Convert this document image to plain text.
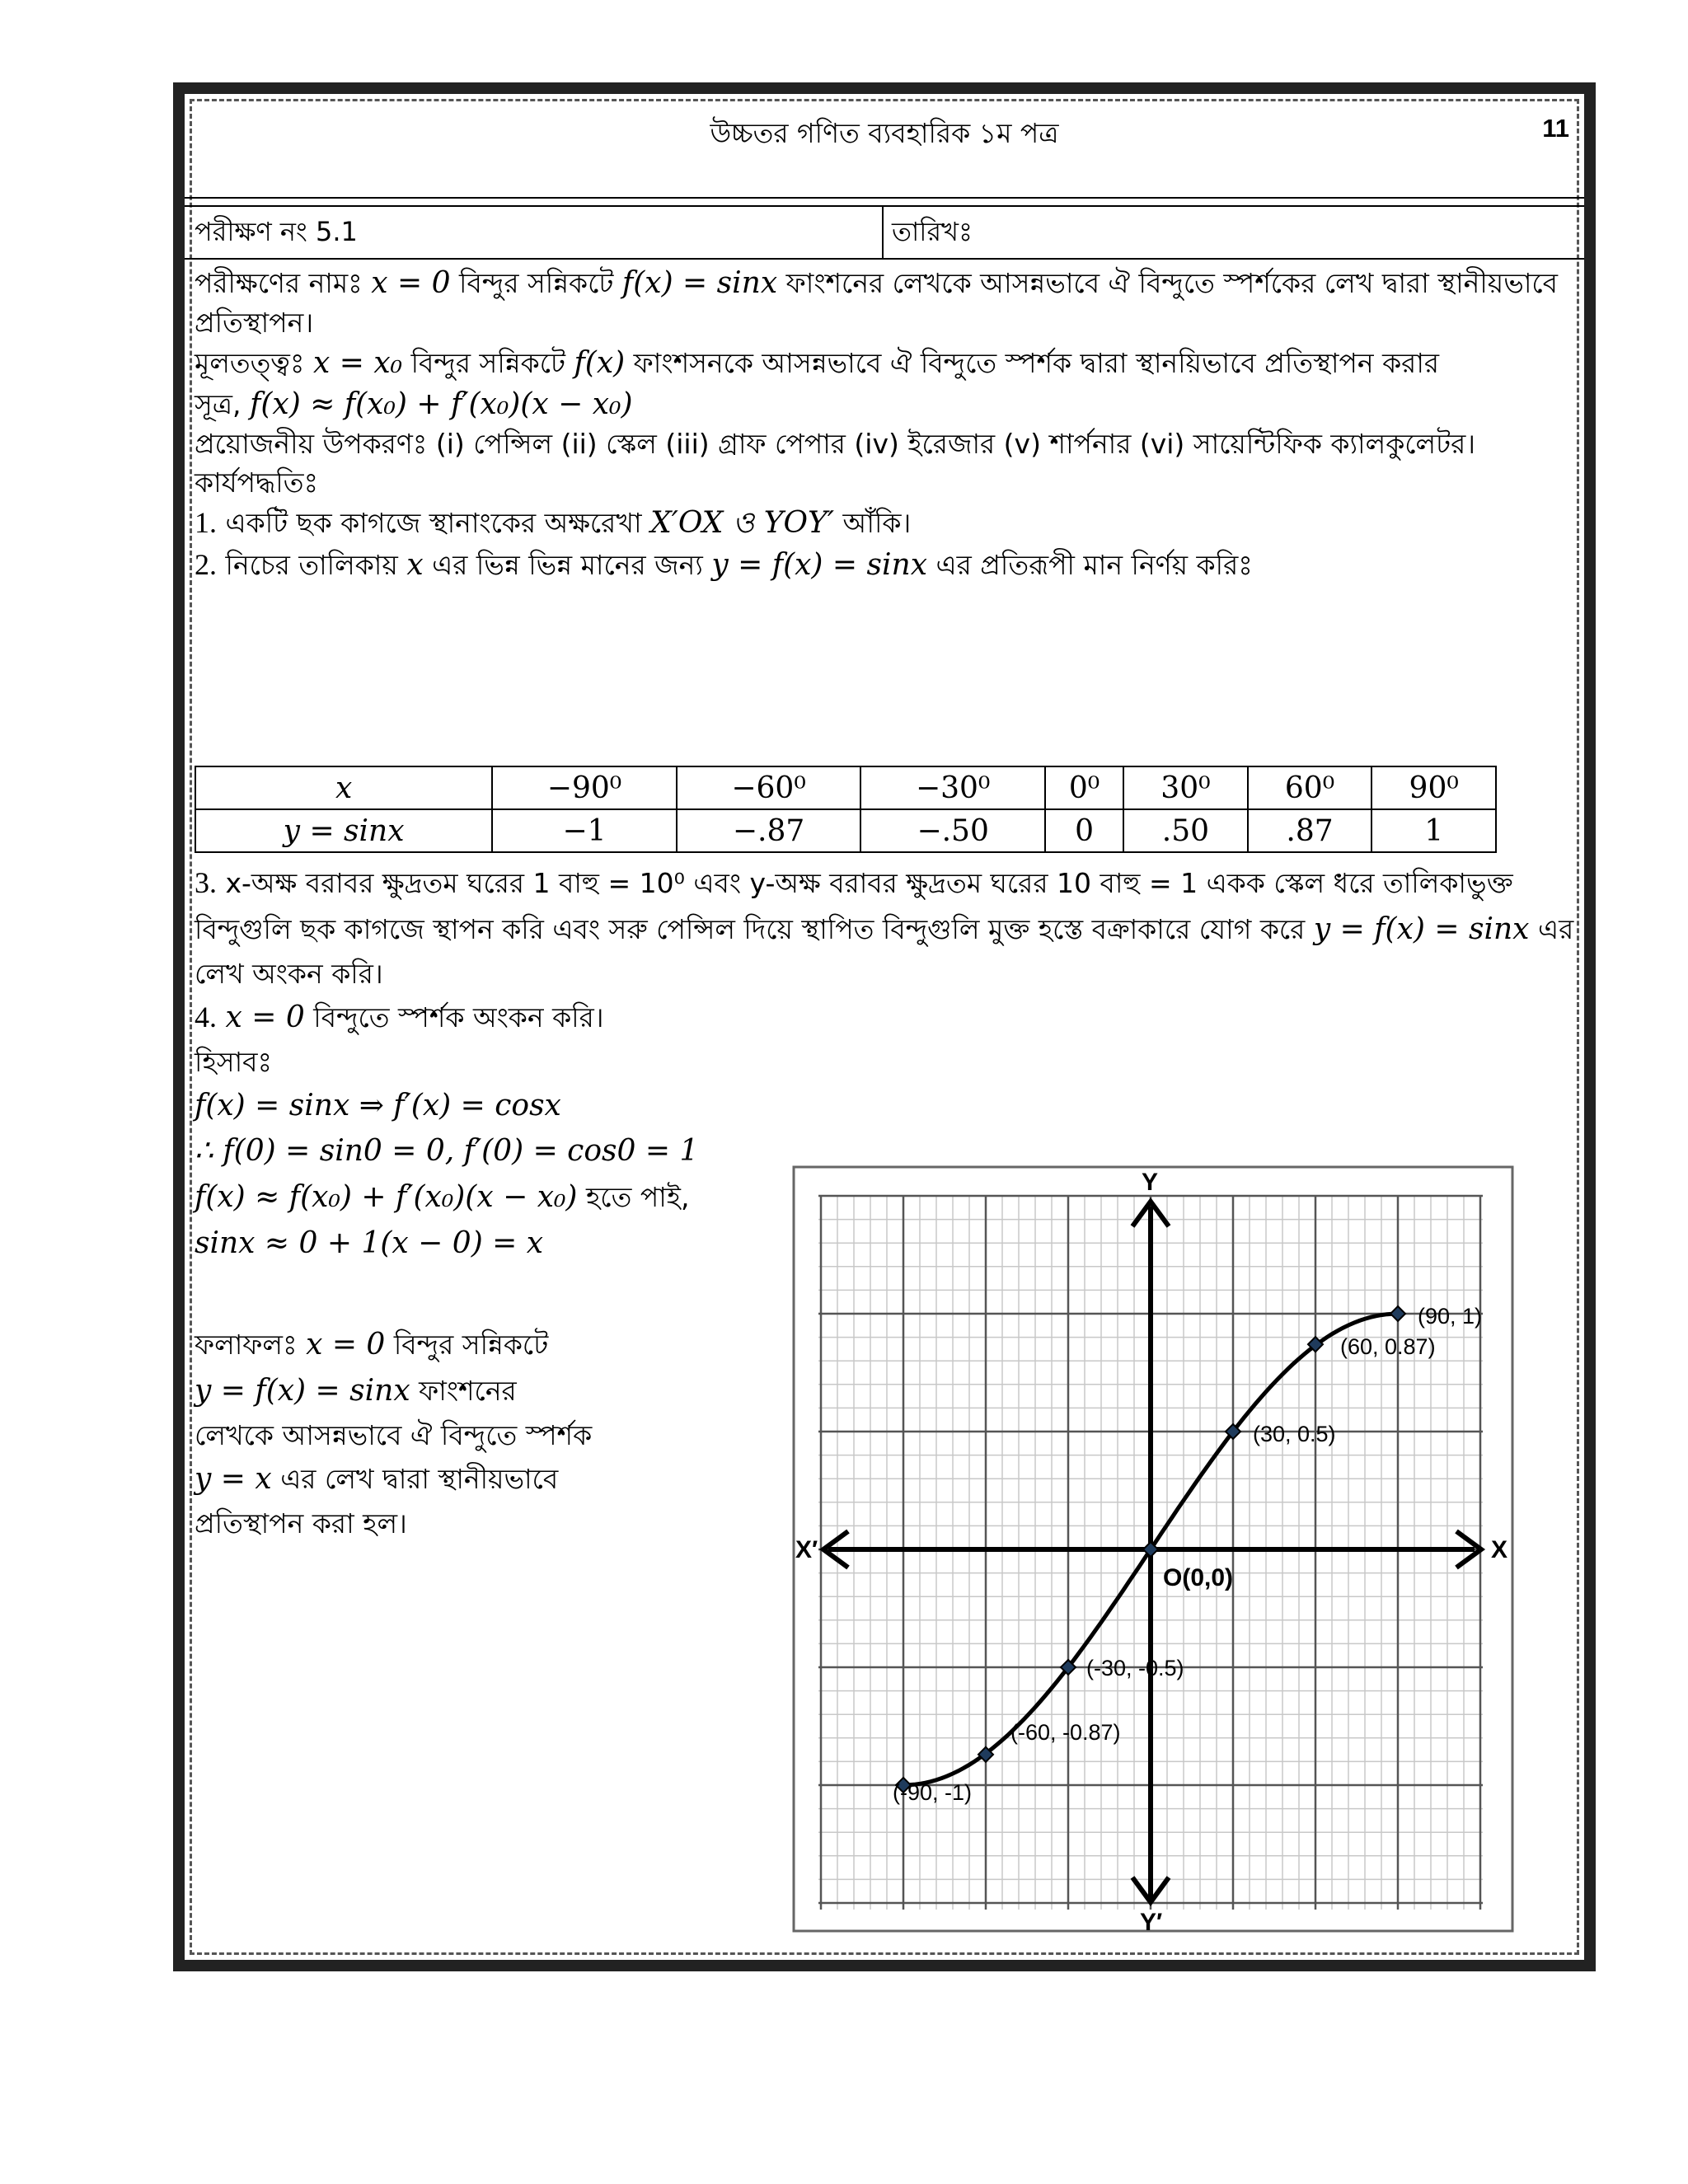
উচ্চতর গণিত ব্যবহারিক ১ম পত্র	11
পরীক্ষণ নং 5.1	তারিখঃ

পরীক্ষণের নামঃ x = 0 বিন্দুর সন্নিকটে f(x) = sinx ফাংশনের লেখকে আসন্নভাবে ঐ বিন্দুতে স্পর্শকের লেখ দ্বারা স্থানীয়ভাবে প্রতিস্থাপন।

মূলতত্ত্বঃ x = x₀ বিন্দুর সন্নিকটে f(x) ফাংশসনকে আসন্নভাবে ঐ বিন্দুতে স্পর্শক দ্বারা স্থানয়িভাবে প্রতিস্থাপন করার

সূত্র, f(x) ≈ f(x₀) + f′(x₀)(x − x₀)

প্রয়োজনীয় উপকরণঃ (i) পেন্সিল (ii) স্কেল (iii) গ্রাফ পেপার (iv) ইরেজার (v) শার্পনার (vi) সায়েন্টিফিক ক্যালকুলেটর।

কার্যপদ্ধতিঃ

1. একটি ছক কাগজে স্থানাংকের অক্ষরেখা X′OX ও YOY′ আঁকি।

2. নিচের তালিকায় x এর ভিন্ন ভিন্ন মানের জন্য y = f(x) = sinx এর প্রতিরূপী মান নির্ণয় করিঃ

x	−90⁰	−60⁰	−30⁰	0⁰	30⁰	60⁰	90⁰
y = sinx	−1	−.87	−.50	0	.50	.87	1

3. x-অক্ষ বরাবর ক্ষুদ্রতম ঘরের 1 বাহু = 10⁰ এবং y-অক্ষ বরাবর ক্ষুদ্রতম ঘরের 10 বাহু = 1 একক স্কেল ধরে তালিকাভুক্ত বিন্দুগুলি ছক কাগজে স্থাপন করি এবং সরু পেন্সিল দিয়ে স্থাপিত বিন্দুগুলি মুক্ত হস্তে বক্রাকারে যোগ করে y = f(x) = sinx এর লেখ অংকন করি।

4. x = 0 বিন্দুতে স্পর্শক অংকন করি।

হিসাবঃ

f(x) = sinx ⇒ f′(x) = cosx

∴ f(0) = sin0 = 0, f′(0) = cos0 = 1

f(x) ≈ f(x₀) + f′(x₀)(x − x₀) হতে পাই,

sinx ≈ 0 + 1(x − 0) = x

ফলাফলঃ x = 0 বিন্দুর সন্নিকটে

y = f(x) = sinx ফাংশনের

লেখকে আসন্নভাবে ঐ বিন্দুতে স্পর্শক

y = x এর লেখ দ্বারা স্থানীয়ভাবে

প্রতিস্থাপন করা হল।

X
X′
Y
Y′
O(0,0)
(-90, -1)
(-60, -0.87)
(-30, -0.5)
(30, 0.5)
(60, 0.87)
(90, 1)
